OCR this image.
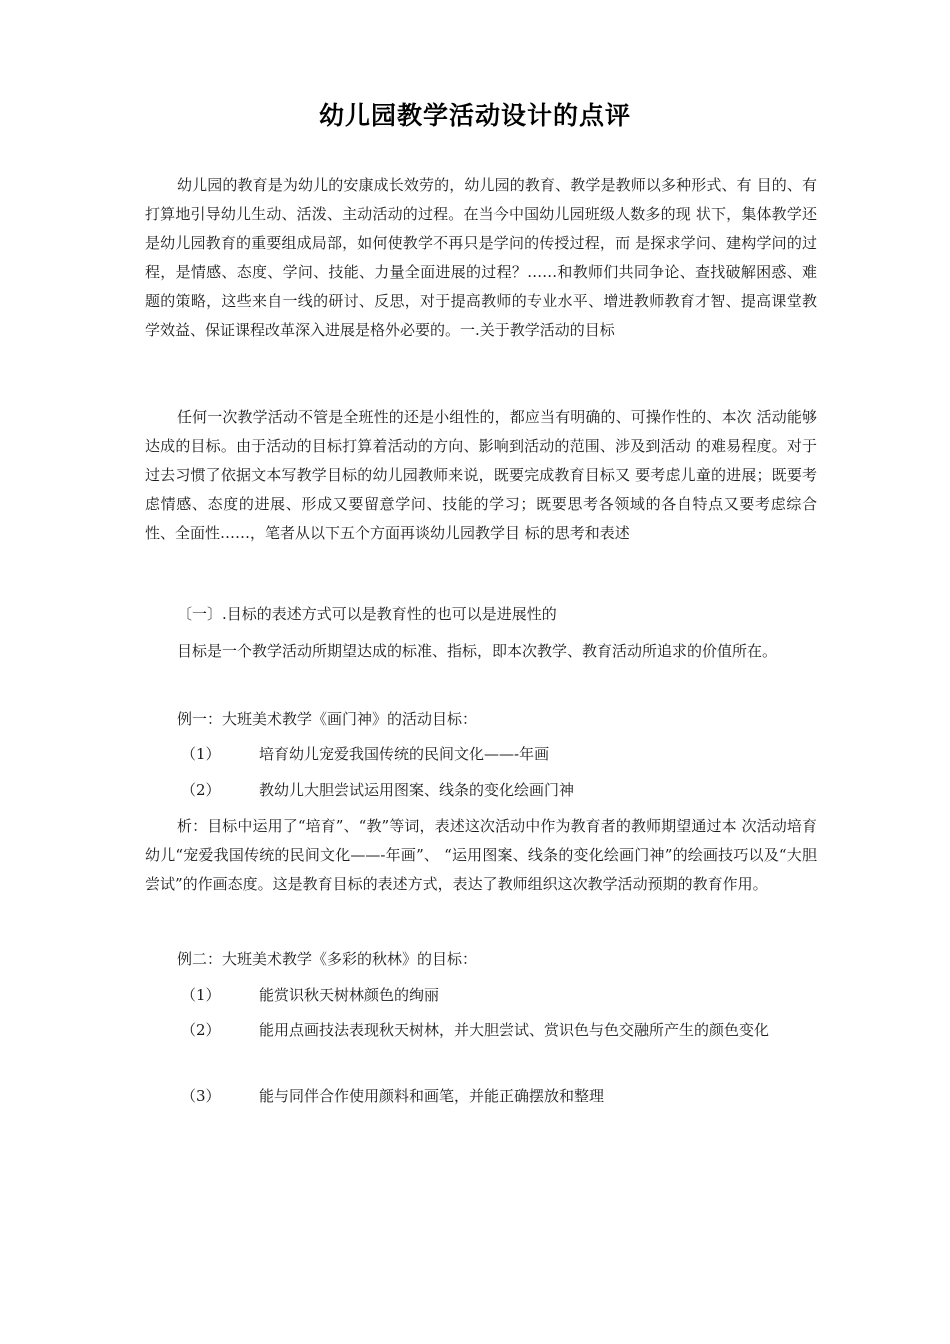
幼儿园教学活动设计的点评

幼儿园的教育是为幼儿的安康成长效劳的，幼儿园的教育、教学是教师以多种形式、有 目的、有打算地引导幼儿生动、活泼、主动活动的过程。在当今中国幼儿园班级人数多的现 状下，集体教学还是幼儿园教育的重要组成局部，如何使教学不再只是学问的传授过程，而 是探求学问、建构学问的过程，是情感、态度、学问、技能、力量全面进展的过程？……和教师们共同争论、查找破解困惑、难题的策略，这些来自一线的研讨、反思，对于提高教师的专业水平、增进教师教育才智、提高课堂教学效益、保证课程改革深入进展是格外必要的。一.关于教学活动的目标

任何一次教学活动不管是全班性的还是小组性的，都应当有明确的、可操作性的、本次 活动能够达成的目标。由于活动的目标打算着活动的方向、影响到活动的范围、涉及到活动 的难易程度。对于过去习惯了依据文本写教学目标的幼儿园教师来说，既要完成教育目标又 要考虑儿童的进展；既要考虑情感、态度的进展、形成又要留意学问、技能的学习；既要思考各领域的各自特点又要考虑综合性、全面性……，笔者从以下五个方面再谈幼儿园教学目 标的思考和表述

〔一〕.目标的表述方式可以是教育性的也可以是进展性的

目标是一个教学活动所期望达成的标准、指标，即本次教学、教育活动所追求的价值所在。

例一：大班美术教学《画门神》的活动目标：
（1）	培育幼儿宠爱我国传统的民间文化——-年画
（2）	教幼儿大胆尝试运用图案、线条的变化绘画门神

析：目标中运用了“培育”、“教”等词，表述这次活动中作为教育者的教师期望通过本 次活动培育幼儿“宠爱我国传统的民间文化——-年画”、 “运用图案、线条的变化绘画门神”的绘画技巧以及“大胆尝试”的作画态度。这是教育目标的表述方式，表达了教师组织这次教学活动预期的教育作用。

例二：大班美术教学《多彩的秋林》的目标：
（1）	能赏识秋天树林颜色的绚丽

（2）	能用点画技法表现秋天树林，并大胆尝试、赏识色与色交融所产生的颜色变化

（3）	能与同伴合作使用颜料和画笔，并能正确摆放和整理
